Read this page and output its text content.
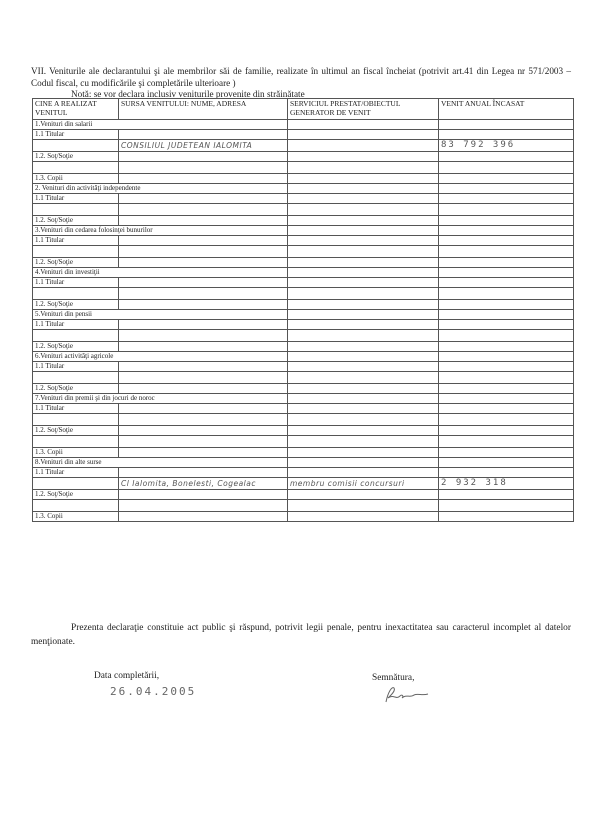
VII. Veniturile ale declarantului şi ale membrilor săi de familie, realizate în ultimul an fiscal încheiat (potrivit art.41 din Legea nr 571/2003 – Codul fiscal, cu modificările şi completările ulterioare )

Notă: se vor declara inclusiv veniturile provenite din străinătate

CINE A REALIZAT VENITUL	SURSA VENITULUI: NUME, ADRESA	SERVICIUL PRESTAT/OBIECTUL GENERATOR DE VENIT	VENIT ANUAL ÎNCASAT
1.Venituri din salarii			
1.1 Titular			
	CONSILIUL JUDETEAN IALOMITA		83 792 396
1.2. Soţ/Soţie			

1.3. Copii			
2. Venituri din activităţi independente			
1.1 Titular			

1.2. Soţ/Soţie			
3.Venituri din cedarea folosinţei bunurilor			
1.1 Titular			

1.2. Soţ/Soţie			
4.Venituri din investiţii			
1.1 Titular			

1.2. Soţ/Soţie			
5.Venituri din pensii			
1.1 Titular			

1.2. Soţ/Soţie			
6.Venituri activităţi agricole			
1.1 Titular			

1.2. Soţ/Soţie			
7.Venituri din premii şi din jocuri de noroc			
1.1 Titular			

1.2. Soţ/Soţie			

1.3. Copii			
8.Venituri din alte surse			
1.1 Titular			
	Cl Ialomita, Bonelesti, Cogealac	membru comisii concursuri	2 932 318
1.2. Soţ/Soţie			

1.3. Copii			

Prezenta declaraţie constituie act public şi răspund, potrivit legii penale, pentru inexactitatea sau caracterul incomplet al datelor menţionate.

Data completării,
26.04.2005
Semnătura,
